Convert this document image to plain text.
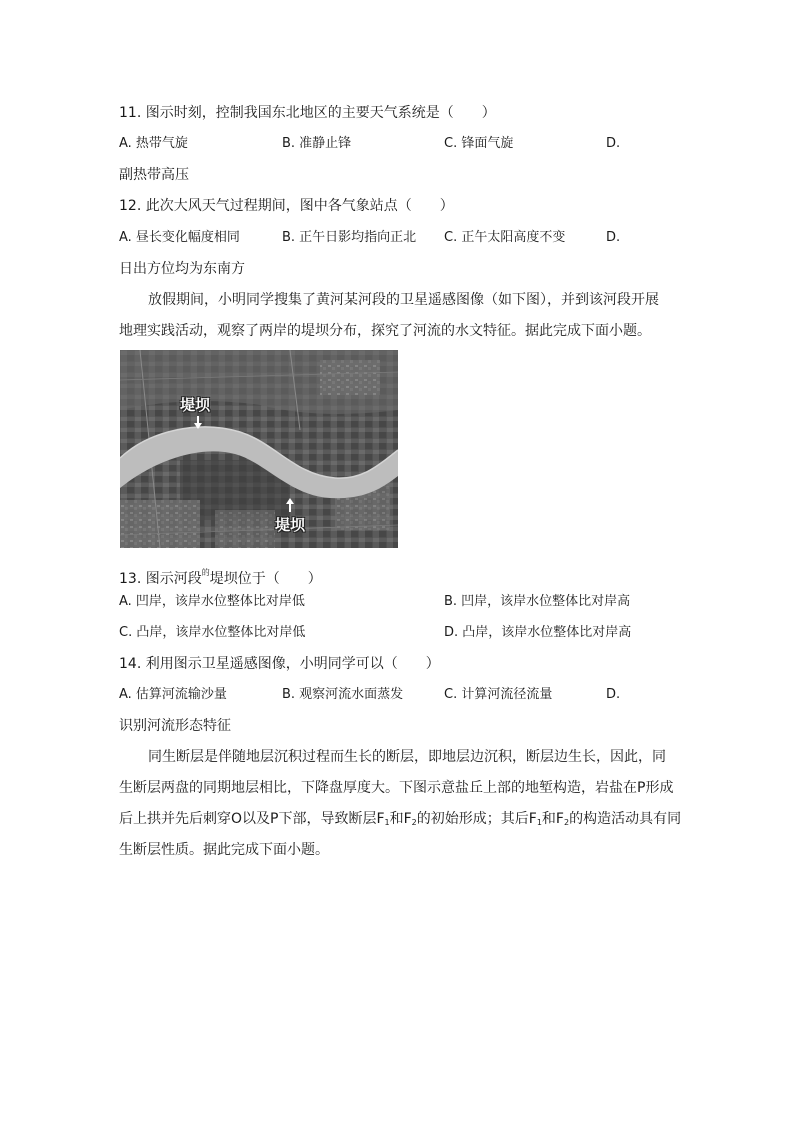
11. 图示时刻，控制我国东北地区的主要天气系统是（　　）
A. 热带气旋	B. 准静止锋	C. 锋面气旋	D.
副热带高压
12. 此次大风天气过程期间，图中各气象站点（　　）
A. 昼长变化幅度相同	B. 正午日影均指向正北 C. 正午太阳高度不变	D.
日出方位均为东南方
放假期间，小明同学搜集了黄河某河段的卫星遥感图像（如下图），并到该河段开展
地理实践活动，观察了两岸的堤坝分布，探究了河流的水文特征。据此完成下面小题。
堤坝
堤坝
13. 图示河段$^的$堤坝位于（　　）
A. 凹岸，该岸水位整体比对岸低	B. 凹岸，该岸水位整体比对岸高
C. 凸岸，该岸水位整体比对岸低	D. 凸岸，该岸水位整体比对岸高
14. 利用图示卫星遥感图像，小明同学可以（　　）
A. 估算河流输沙量	B. 观察河流水面蒸发	C. 计算河流径流量	D.
识别河流形态特征
同生断层是伴随地层沉积过程而生长的断层，即地层边沉积，断层边生长，因此，同
生断层两盘的同期地层相比，下降盘厚度大。下图示意盐丘上部的地堑构造，岩盐在P形成
后上拱并先后刺穿O以及P下部，导致断层$F_1$和$F_2$的初始形成；其后$F_1$和$F_2$的构造活动具有同
生断层性质。据此完成下面小题。
